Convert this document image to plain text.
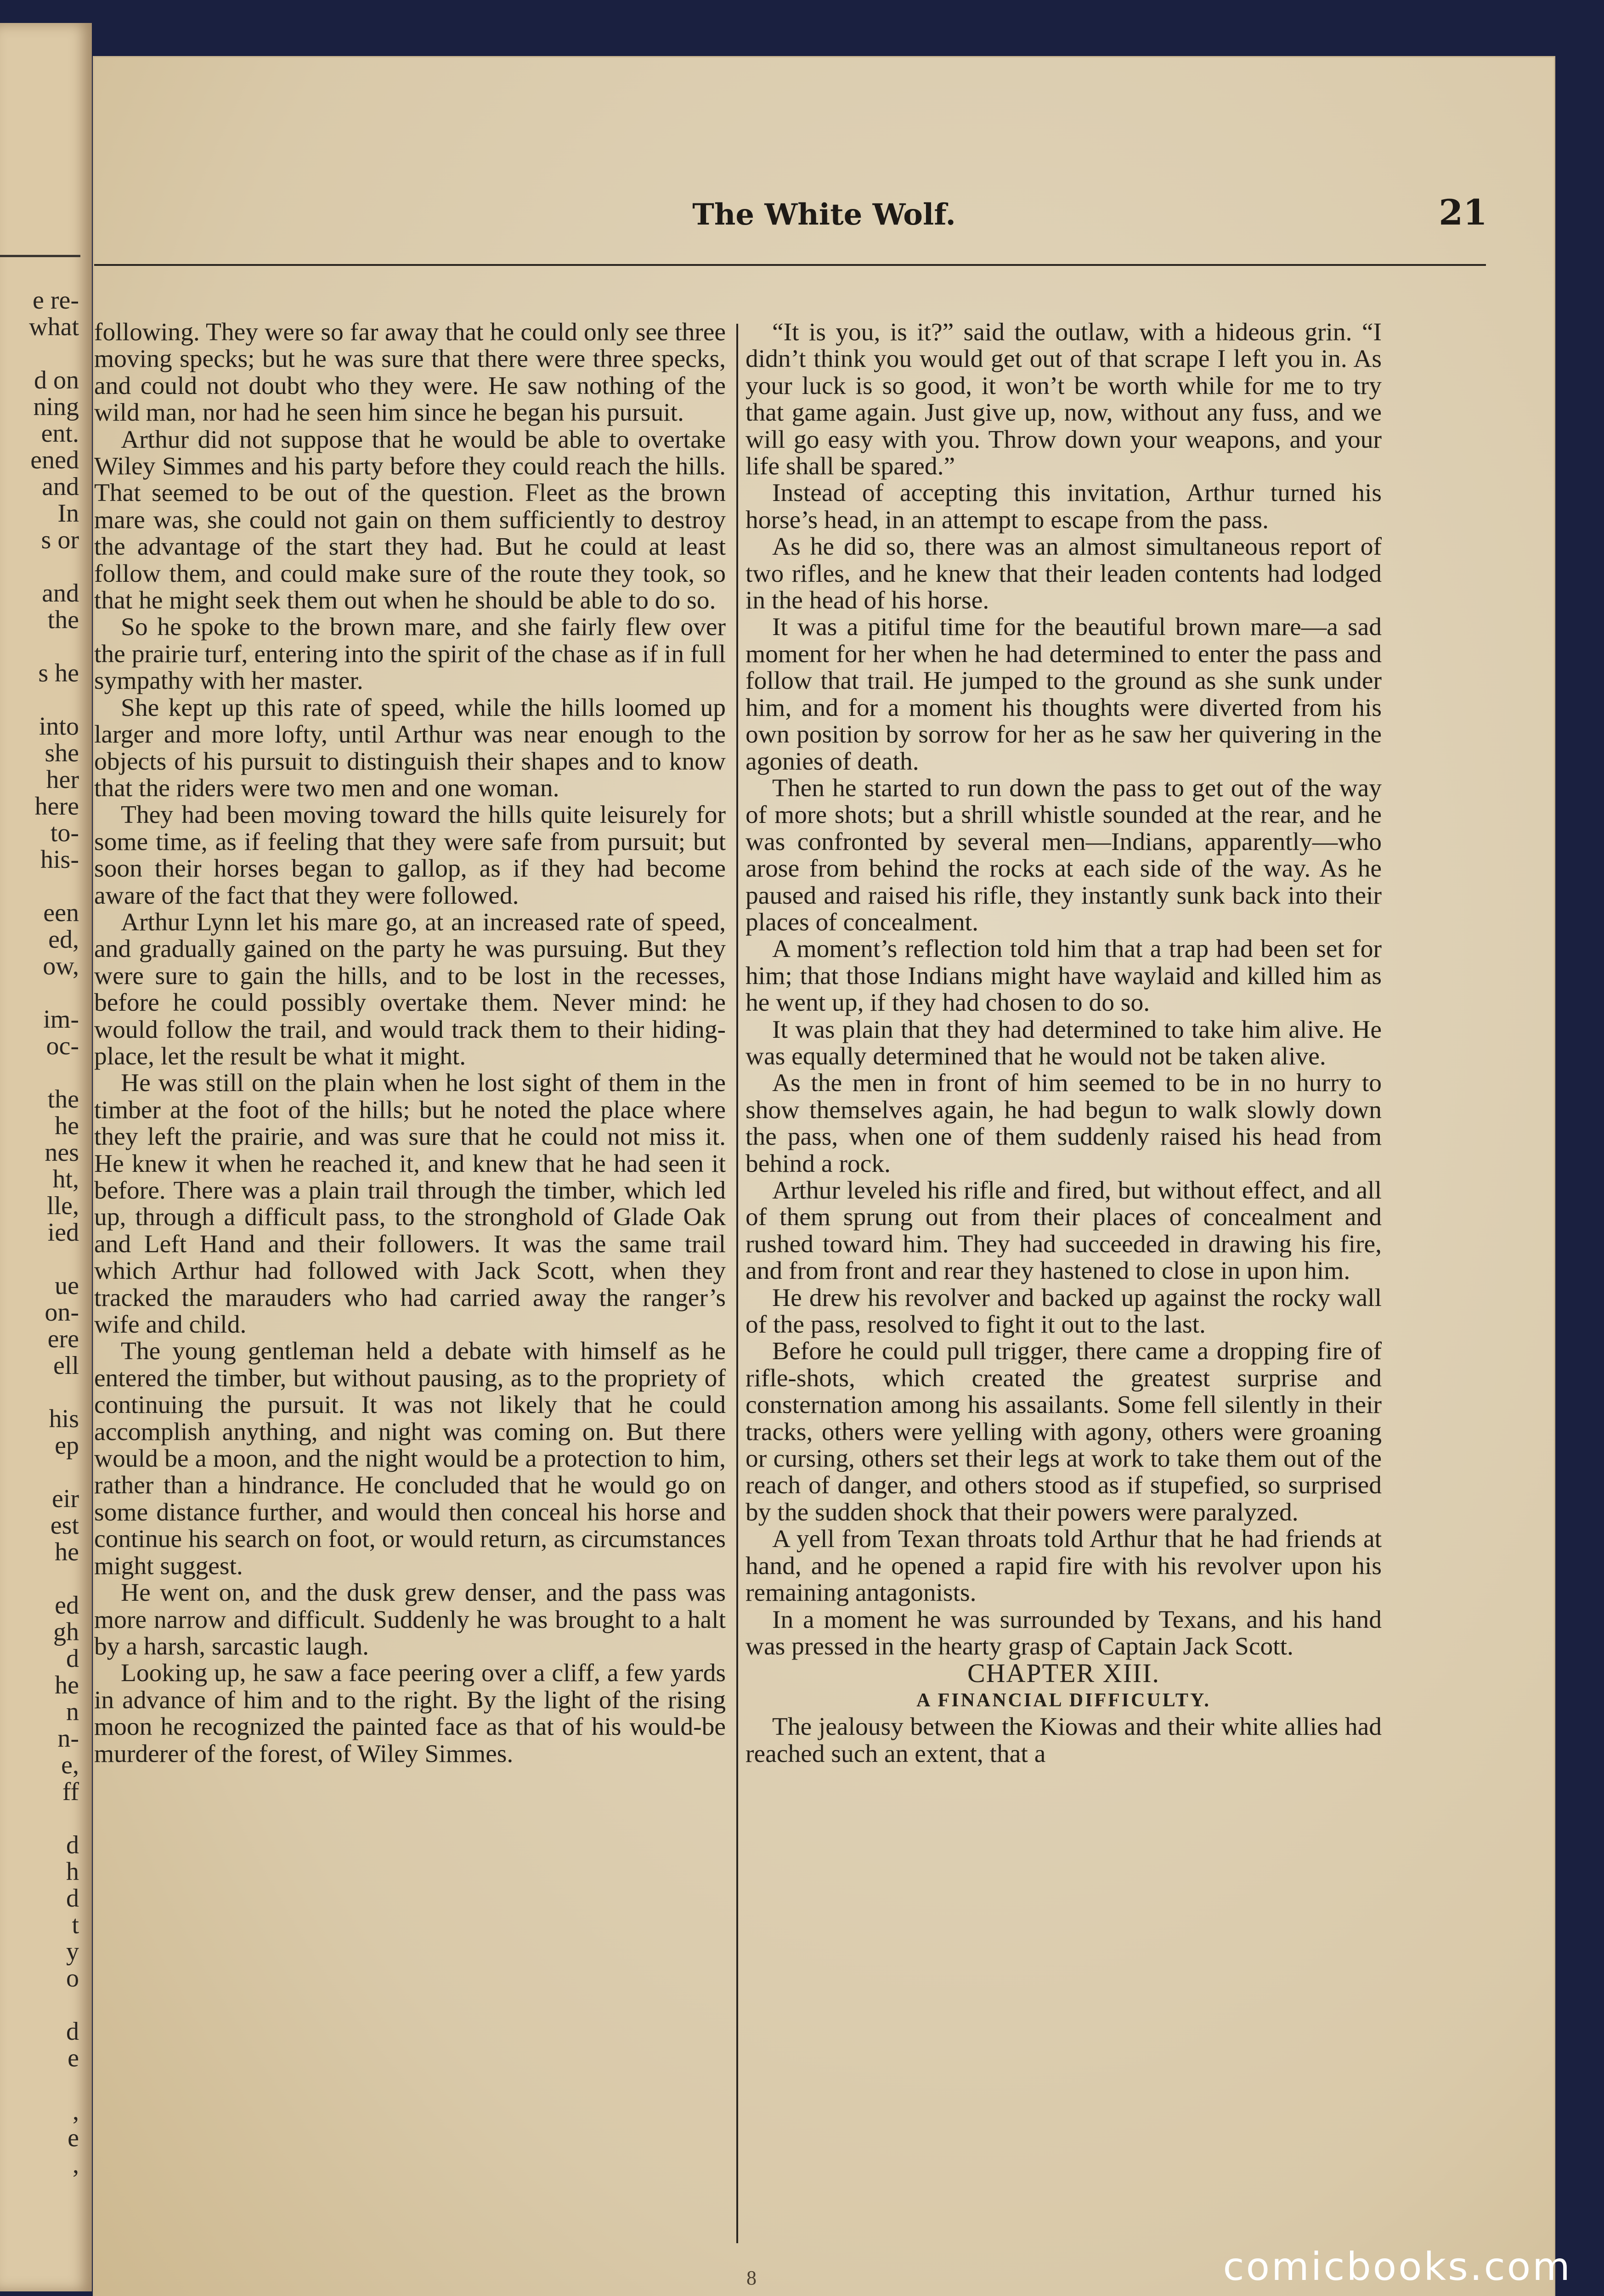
e re-
what

d on
ning
ent.
ened
and
In
s or

and
the

s he

into
she
her
here
to-
his-

een
ed,
ow,

im-
oc-

the
he
nes
ht,
lle,
ied

ue
on-
ere
ell

his
ep

eir
est
he

ed
gh
d
he
n
n-
e,
ff

d
h
d
t
y
o

d
e

,
e
,
The White Wolf.	21

following. They were so far away that he could only see three moving specks; but he was sure that there were three specks, and could not doubt who they were. He saw nothing of the wild man, nor had he seen him since he began his pursuit.

Arthur did not suppose that he would be able to overtake Wiley Simmes and his party before they could reach the hills. That seemed to be out of the question. Fleet as the brown mare was, she could not gain on them sufficiently to destroy the advantage of the start they had. But he could at least follow them, and could make sure of the route they took, so that he might seek them out when he should be able to do so.

So he spoke to the brown mare, and she fairly flew over the prairie turf, entering into the spirit of the chase as if in full sympathy with her master.

She kept up this rate of speed, while the hills loomed up larger and more lofty, until Arthur was near enough to the objects of his pursuit to distinguish their shapes and to know that the riders were two men and one woman.

They had been moving toward the hills quite leisurely for some time, as if feeling that they were safe from pursuit; but soon their horses began to gallop, as if they had become aware of the fact that they were followed.

Arthur Lynn let his mare go, at an increased rate of speed, and gradually gained on the party he was pursuing. But they were sure to gain the hills, and to be lost in the recesses, before he could possibly overtake them. Never mind: he would follow the trail, and would track them to their hiding-place, let the result be what it might.

He was still on the plain when he lost sight of them in the timber at the foot of the hills; but he noted the place where they left the prairie, and was sure that he could not miss it. He knew it when he reached it, and knew that he had seen it before. There was a plain trail through the timber, which led up, through a difficult pass, to the stronghold of Glade Oak and Left Hand and their followers. It was the same trail which Arthur had followed with Jack Scott, when they tracked the marauders who had carried away the ranger’s wife and child.

The young gentleman held a debate with himself as he entered the timber, but without pausing, as to the propriety of continuing the pursuit. It was not likely that he could accomplish anything, and night was coming on. But there would be a moon, and the night would be a protection to him, rather than a hindrance. He concluded that he would go on some distance further, and would then conceal his horse and continue his search on foot, or would return, as circumstances might suggest.

He went on, and the dusk grew denser, and the pass was more narrow and difficult. Suddenly he was brought to a halt by a harsh, sarcastic laugh.

Looking up, he saw a face peering over a cliff, a few yards in advance of him and to the right. By the light of the rising moon he recognized the painted face as that of his would-be murderer of the forest, of Wiley Simmes.

“It is you, is it?” said the outlaw, with a hideous grin. “I didn’t think you would get out of that scrape I left you in. As your luck is so good, it won’t be worth while for me to try that game again. Just give up, now, without any fuss, and we will go easy with you. Throw down your weapons, and your life shall be spared.”

Instead of accepting this invitation, Arthur turned his horse’s head, in an attempt to escape from the pass.

As he did so, there was an almost simultaneous report of two rifles, and he knew that their leaden contents had lodged in the head of his horse.

It was a pitiful time for the beautiful brown mare—a sad moment for her when he had determined to enter the pass and follow that trail. He jumped to the ground as she sunk under him, and for a moment his thoughts were diverted from his own position by sorrow for her as he saw her quivering in the agonies of death.

Then he started to run down the pass to get out of the way of more shots; but a shrill whistle sounded at the rear, and he was confronted by several men—Indians, apparently—who arose from behind the rocks at each side of the way. As he paused and raised his rifle, they instantly sunk back into their places of concealment.

A moment’s reflection told him that a trap had been set for him; that those Indians might have waylaid and killed him as he went up, if they had chosen to do so.

It was plain that they had determined to take him alive. He was equally determined that he would not be taken alive.

As the men in front of him seemed to be in no hurry to show themselves again, he had begun to walk slowly down the pass, when one of them suddenly raised his head from behind a rock.

Arthur leveled his rifle and fired, but without effect, and all of them sprung out from their places of concealment and rushed toward him. They had succeeded in drawing his fire, and from front and rear they hastened to close in upon him.

He drew his revolver and backed up against the rocky wall of the pass, resolved to fight it out to the last.

Before he could pull trigger, there came a dropping fire of rifle-shots, which created the greatest surprise and consternation among his assailants. Some fell silently in their tracks, others were yelling with agony, others were groaning or cursing, others set their legs at work to take them out of the reach of danger, and others stood as if stupefied, so surprised by the sudden shock that their powers were paralyzed.

A yell from Texan throats told Arthur that he had friends at hand, and he opened a rapid fire with his revolver upon his remaining antagonists.

In a moment he was surrounded by Texans, and his hand was pressed in the hearty grasp of Captain Jack Scott.

CHAPTER XIII.

A FINANCIAL DIFFICULTY.

The jealousy between the Kiowas and their white allies had reached such an extent, that a

8	comicbooks.com
